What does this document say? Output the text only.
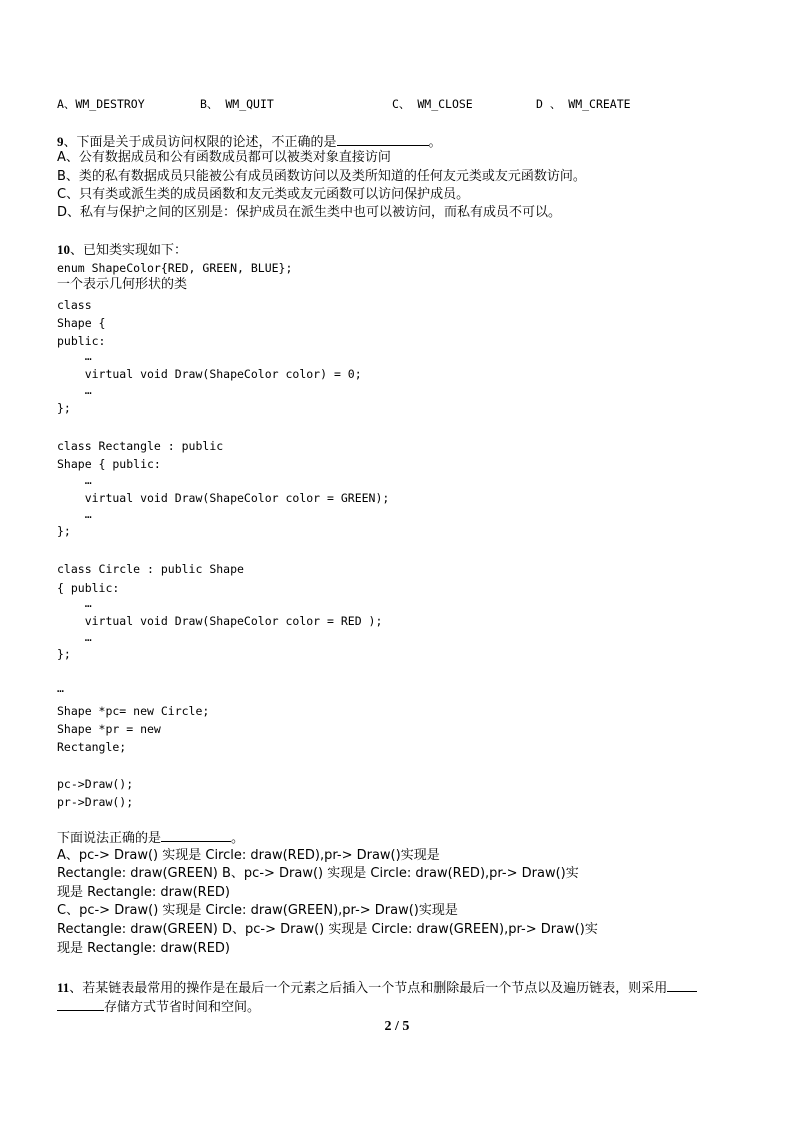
A、WM_DESTROY	B、 WM_QUIT	C、 WM_CLOSE	D 、 WM_CREATE
9、下面是关于成员访问权限的论述，不正确的是	。
A、公有数据成员和公有函数成员都可以被类对象直接访问
B、类的私有数据成员只能被公有成员函数访问以及类所知道的任何友元类或友元函数访问。
C、只有类或派生类的成员函数和友元类或友元函数可以访问保护成员。
D、私有与保护之间的区别是：保护成员在派生类中也可以被访问，而私有成员不可以。
10、已知类实现如下：
enum ShapeColor{RED, GREEN, BLUE};
一个表示几何形状的类
class
Shape {
public:
…
virtual void Draw(ShapeColor color) = 0;
…
};
class Rectangle : public
Shape { public:
…
virtual void Draw(ShapeColor color = GREEN);
…
};
class Circle : public Shape
{ public:
…
virtual void Draw(ShapeColor color = RED );
…
};
…
Shape *pc= new Circle;
Shape *pr = new
Rectangle;
pc->Draw();
pr->Draw();
下面说法正确的是	。
A、pc-> Draw() 实现是 Circle: draw(RED),pr-> Draw()实现是
Rectangle: draw(GREEN) B、pc-> Draw() 实现是 Circle: draw(RED),pr-> Draw()实
现是 Rectangle: draw(RED)
C、pc-> Draw() 实现是 Circle: draw(GREEN),pr-> Draw()实现是
Rectangle: draw(GREEN) D、pc-> Draw() 实现是 Circle: draw(GREEN),pr-> Draw()实
现是 Rectangle: draw(RED)
11、若某链表最常用的操作是在最后一个元素之后插入一个节点和删除最后一个节点以及遍历链表，则采用
存储方式节省时间和空间。
2 / 5
